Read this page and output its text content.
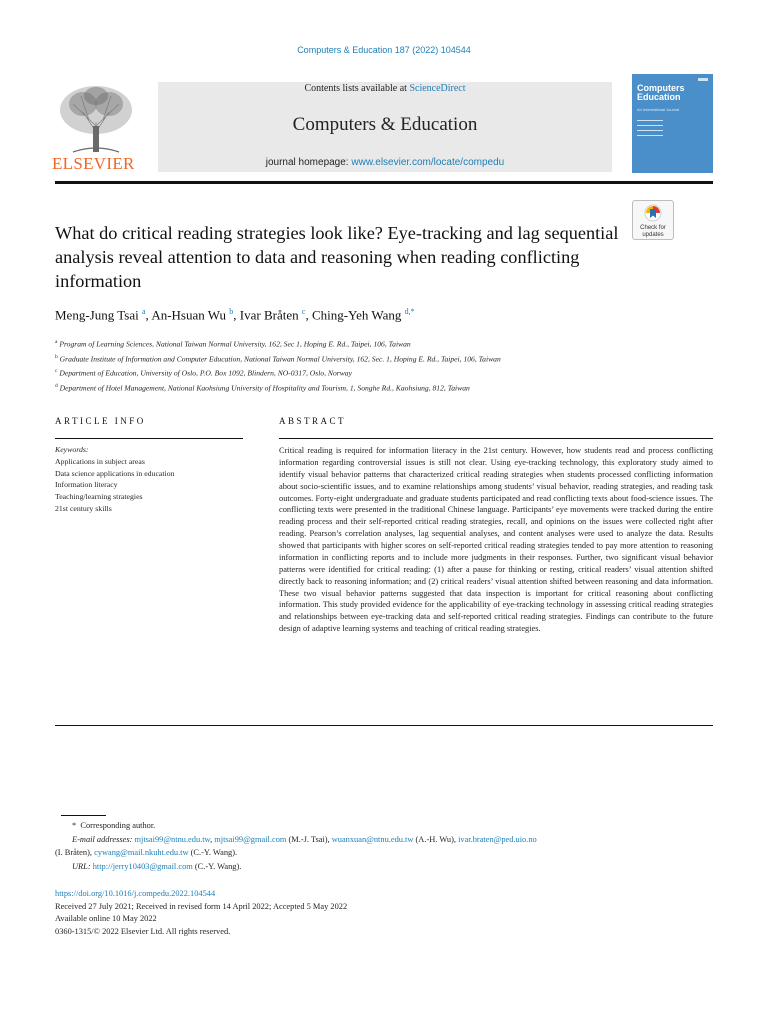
Computers & Education 187 (2022) 104544
ELSEVIER
Contents lists available at ScienceDirect
Computers & Education
journal homepage: www.elsevier.com/locate/compedu
Computers
Education
An International Journal
Check for
updates
What do critical reading strategies look like? Eye-tracking and lag sequential analysis reveal attention to data and reasoning when reading conflicting information
Meng-Jung Tsai $^a$, An-Hsuan Wu $^b$, Ivar Bråten $^c$, Ching-Yeh Wang $^{d,*}$
$^a$ Program of Learning Sciences, National Taiwan Normal University, 162, Sec 1, Hoping E. Rd., Taipei, 106, Taiwan
$^b$ Graduate Institute of Information and Computer Education, National Taiwan Normal University, 162, Sec. 1, Hoping E. Rd., Taipei, 106, Taiwan
$^c$ Department of Education, University of Oslo, P.O. Box 1092, Blindern, NO-0317, Oslo, Norway
$^d$ Department of Hotel Management, National Kaohsiung University of Hospitality and Tourism, 1, Songhe Rd., Kaohsiung, 812, Taiwan
ARTICLE INFO	ABSTRACT
Keywords:
Applications in subject areas
Data science applications in education
Information literacy
Teaching/learning strategies
21st century skills
Critical reading is required for information literacy in the 21st century. However, how students read and process conflicting information regarding controversial issues is still not clear. Using eye-tracking technology, this exploratory study aimed to identify visual behavior patterns that characterized critical reading strategies when students processed conflicting information about socio-scientific issues, and to examine relationships among students’ visual behavior, reading strategies, and reading task outcomes. Forty-eight undergraduate and graduate students participated and read conflicting texts about food-science issues. The conflicting texts were presented in the traditional Chinese language. Participants’ eye movements were tracked during the entire reading process and their self-reported critical reading strategies, recall, and opinions on the issues were collected right after reading. Pearson’s correlation analyses, lag sequential analyses, and content analyses were used to analyze the data. Results showed that participants with higher scores on self-reported critical reading strategies tended to pay more attention to reasoning information in conflicting reports and to include more judgments in their responses. Further, two significant visual behavior patterns were identified for critical reading: (1) after a pause for thinking or resting, critical readers’ visual attention shifted directly back to reasoning information; and (2) critical readers’ visual attention shifted between reasoning and data information. These two visual behavior patterns suggested that data inspection is important for critical reasoning about conflicting information. This study provided evidence for the applicability of eye-tracking technology in assessing critical reading strategies and relationships between eye-tracking data and self-reported critical reading strategies. Findings can contribute to the future design of adaptive learning systems and teaching of critical reading strategies.
* Corresponding author.
E-mail addresses: mjtsai99@ntnu.edu.tw, mjtsai99@gmail.com (M.-J. Tsai), wuanxuan@ntnu.edu.tw (A.-H. Wu), ivar.braten@ped.uio.no
(I. Bråten), cywang@mail.nkuht.edu.tw (C.-Y. Wang).
URL: http://jerry10403@gmail.com (C.-Y. Wang).
https://doi.org/10.1016/j.compedu.2022.104544
Received 27 July 2021; Received in revised form 14 April 2022; Accepted 5 May 2022
Available online 10 May 2022
0360-1315/© 2022 Elsevier Ltd. All rights reserved.
